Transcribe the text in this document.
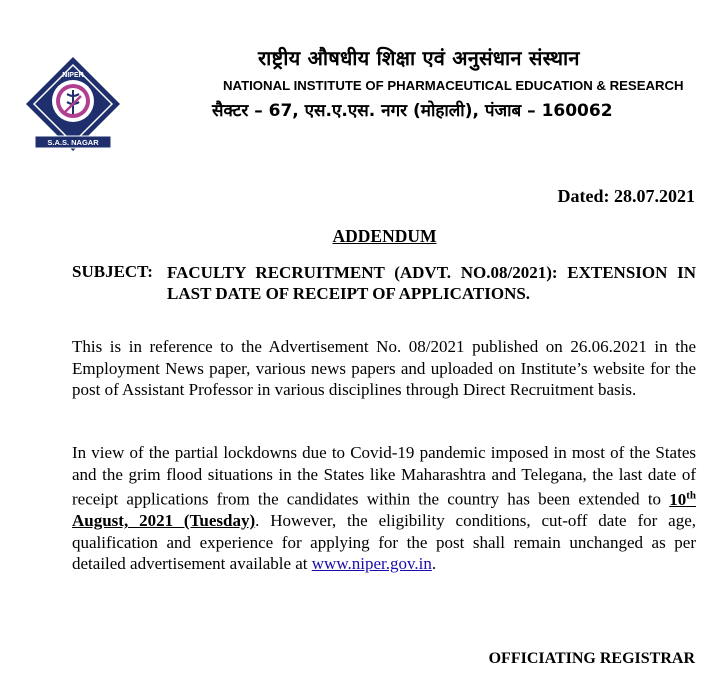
NIPER
S.A.S. NAGAR
राष्ट्रीय औषधीय शिक्षा एवं अनुसंधान संस्थान
NATIONAL INSTITUTE OF PHARMACEUTICAL EDUCATION & RESEARCH
सैक्टर – 67, एस.ए.एस. नगर (मोहाली), पंजाब – 160062
Dated: 28.07.2021
ADDENDUM
SUBJECT: FACULTY RECRUITMENT (ADVT. NO.08/2021): EXTENSION IN LAST DATE OF RECEIPT OF APPLICATIONS.
This is in reference to the Advertisement No. 08/2021 published on 26.06.2021 in the Employment News paper, various news papers and uploaded on Institute’s website for the post of Assistant Professor in various disciplines through Direct Recruitment basis.
In view of the partial lockdowns due to Covid-19 pandemic imposed in most of the States and the grim flood situations in the States like Maharashtra and Telegana, the last date of receipt applications from the candidates within the country has been extended to 10th August, 2021 (Tuesday). However, the eligibility conditions, cut-off date for age, qualification and experience for applying for the post shall remain unchanged as per detailed advertisement available at www.niper.gov.in.
OFFICIATING REGISTRAR
